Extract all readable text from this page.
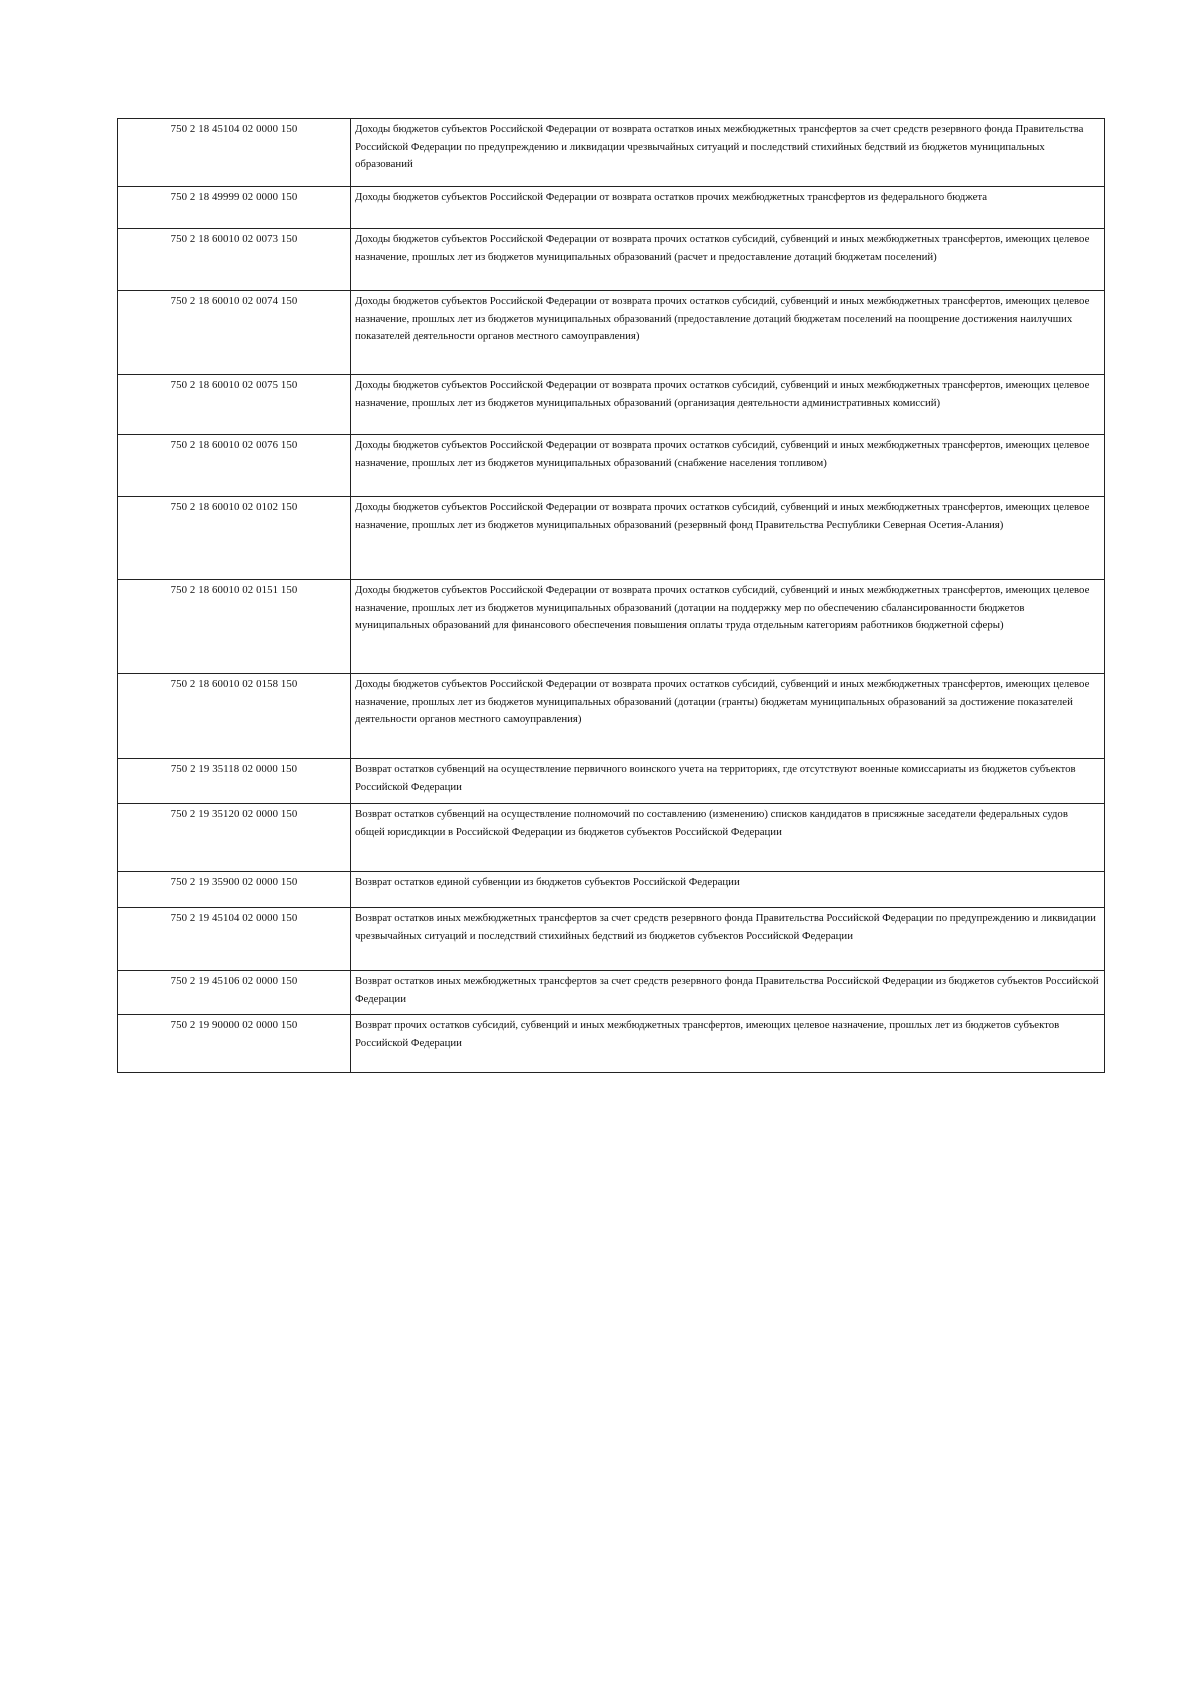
750 2 18 45104 02 0000 150	Доходы бюджетов субъектов Российской Федерации от возврата остатков иных межбюджетных трансфертов за счет средств резервного фонда Правительства Российской Федерации по предупреждению и ликвидации чрезвычайных ситуаций и последствий стихийных бедствий из бюджетов муниципальных образований
750 2 18 49999 02 0000 150	Доходы бюджетов субъектов Российской Федерации от возврата остатков прочих межбюджетных трансфертов из федерального бюджета
750 2 18 60010 02 0073 150	Доходы бюджетов субъектов Российской Федерации от возврата прочих остатков субсидий, субвенций и иных межбюджетных трансфертов, имеющих целевое назначение, прошлых лет из бюджетов муниципальных образований (расчет и предоставление дотаций бюджетам поселений)
750 2 18 60010 02 0074 150	Доходы бюджетов субъектов Российской Федерации от возврата прочих остатков субсидий, субвенций и иных межбюджетных трансфертов, имеющих целевое назначение, прошлых лет из бюджетов муниципальных образований (предоставление дотаций бюджетам поселений на поощрение достижения наилучших показателей деятельности органов местного самоуправления)
750 2 18 60010 02 0075 150	Доходы бюджетов субъектов Российской Федерации от возврата прочих остатков субсидий, субвенций и иных межбюджетных трансфертов, имеющих целевое назначение, прошлых лет из бюджетов муниципальных образований (организация деятельности административных комиссий)
750 2 18 60010 02 0076 150	Доходы бюджетов субъектов Российской Федерации от возврата прочих остатков субсидий, субвенций и иных межбюджетных трансфертов, имеющих целевое назначение, прошлых лет из бюджетов муниципальных образований (снабжение населения топливом)
750 2 18 60010 02 0102 150	Доходы бюджетов субъектов Российской Федерации от возврата прочих остатков субсидий, субвенций и иных межбюджетных трансфертов, имеющих целевое назначение, прошлых лет из бюджетов муниципальных образований (резервный фонд Правительства Республики Северная Осетия-Алания)
750 2 18 60010 02 0151 150	Доходы бюджетов субъектов Российской Федерации от возврата прочих остатков субсидий, субвенций и иных межбюджетных трансфертов, имеющих целевое назначение, прошлых лет из бюджетов муниципальных образований (дотации на поддержку мер по обеспечению сбалансированности бюджетов муниципальных образований для финансового обеспечения повышения оплаты труда отдельным категориям работников бюджетной сферы)
750 2 18 60010 02 0158 150	Доходы бюджетов субъектов Российской Федерации от возврата прочих остатков субсидий, субвенций и иных межбюджетных трансфертов, имеющих целевое назначение, прошлых лет из бюджетов муниципальных образований (дотации (гранты) бюджетам муниципальных образований за достижение показателей деятельности органов местного самоуправления)
750 2 19 35118 02 0000 150	Возврат остатков субвенций на осуществление первичного воинского учета на территориях, где отсутствуют военные комиссариаты из бюджетов субъектов Российской Федерации
750 2 19 35120 02 0000 150	Возврат остатков субвенций на осуществление полномочий по составлению (изменению) списков кандидатов в присяжные заседатели федеральных судов общей юрисдикции в Российской Федерации из бюджетов субъектов Российской Федерации
750 2 19 35900 02 0000 150	Возврат остатков единой субвенции из бюджетов субъектов Российской Федерации
750 2 19 45104 02 0000 150	Возврат остатков иных межбюджетных трансфертов за счет средств резервного фонда Правительства Российской Федерации по предупреждению и ликвидации чрезвычайных ситуаций и последствий стихийных бедствий из бюджетов субъектов Российской Федерации
750 2 19 45106 02 0000 150	Возврат остатков иных межбюджетных трансфертов за счет средств резервного фонда Правительства Российской Федерации из бюджетов субъектов Российской Федерации
750 2 19 90000 02 0000 150	Возврат прочих остатков субсидий, субвенций и иных межбюджетных трансфертов, имеющих целевое назначение, прошлых лет из бюджетов субъектов Российской Федерации
